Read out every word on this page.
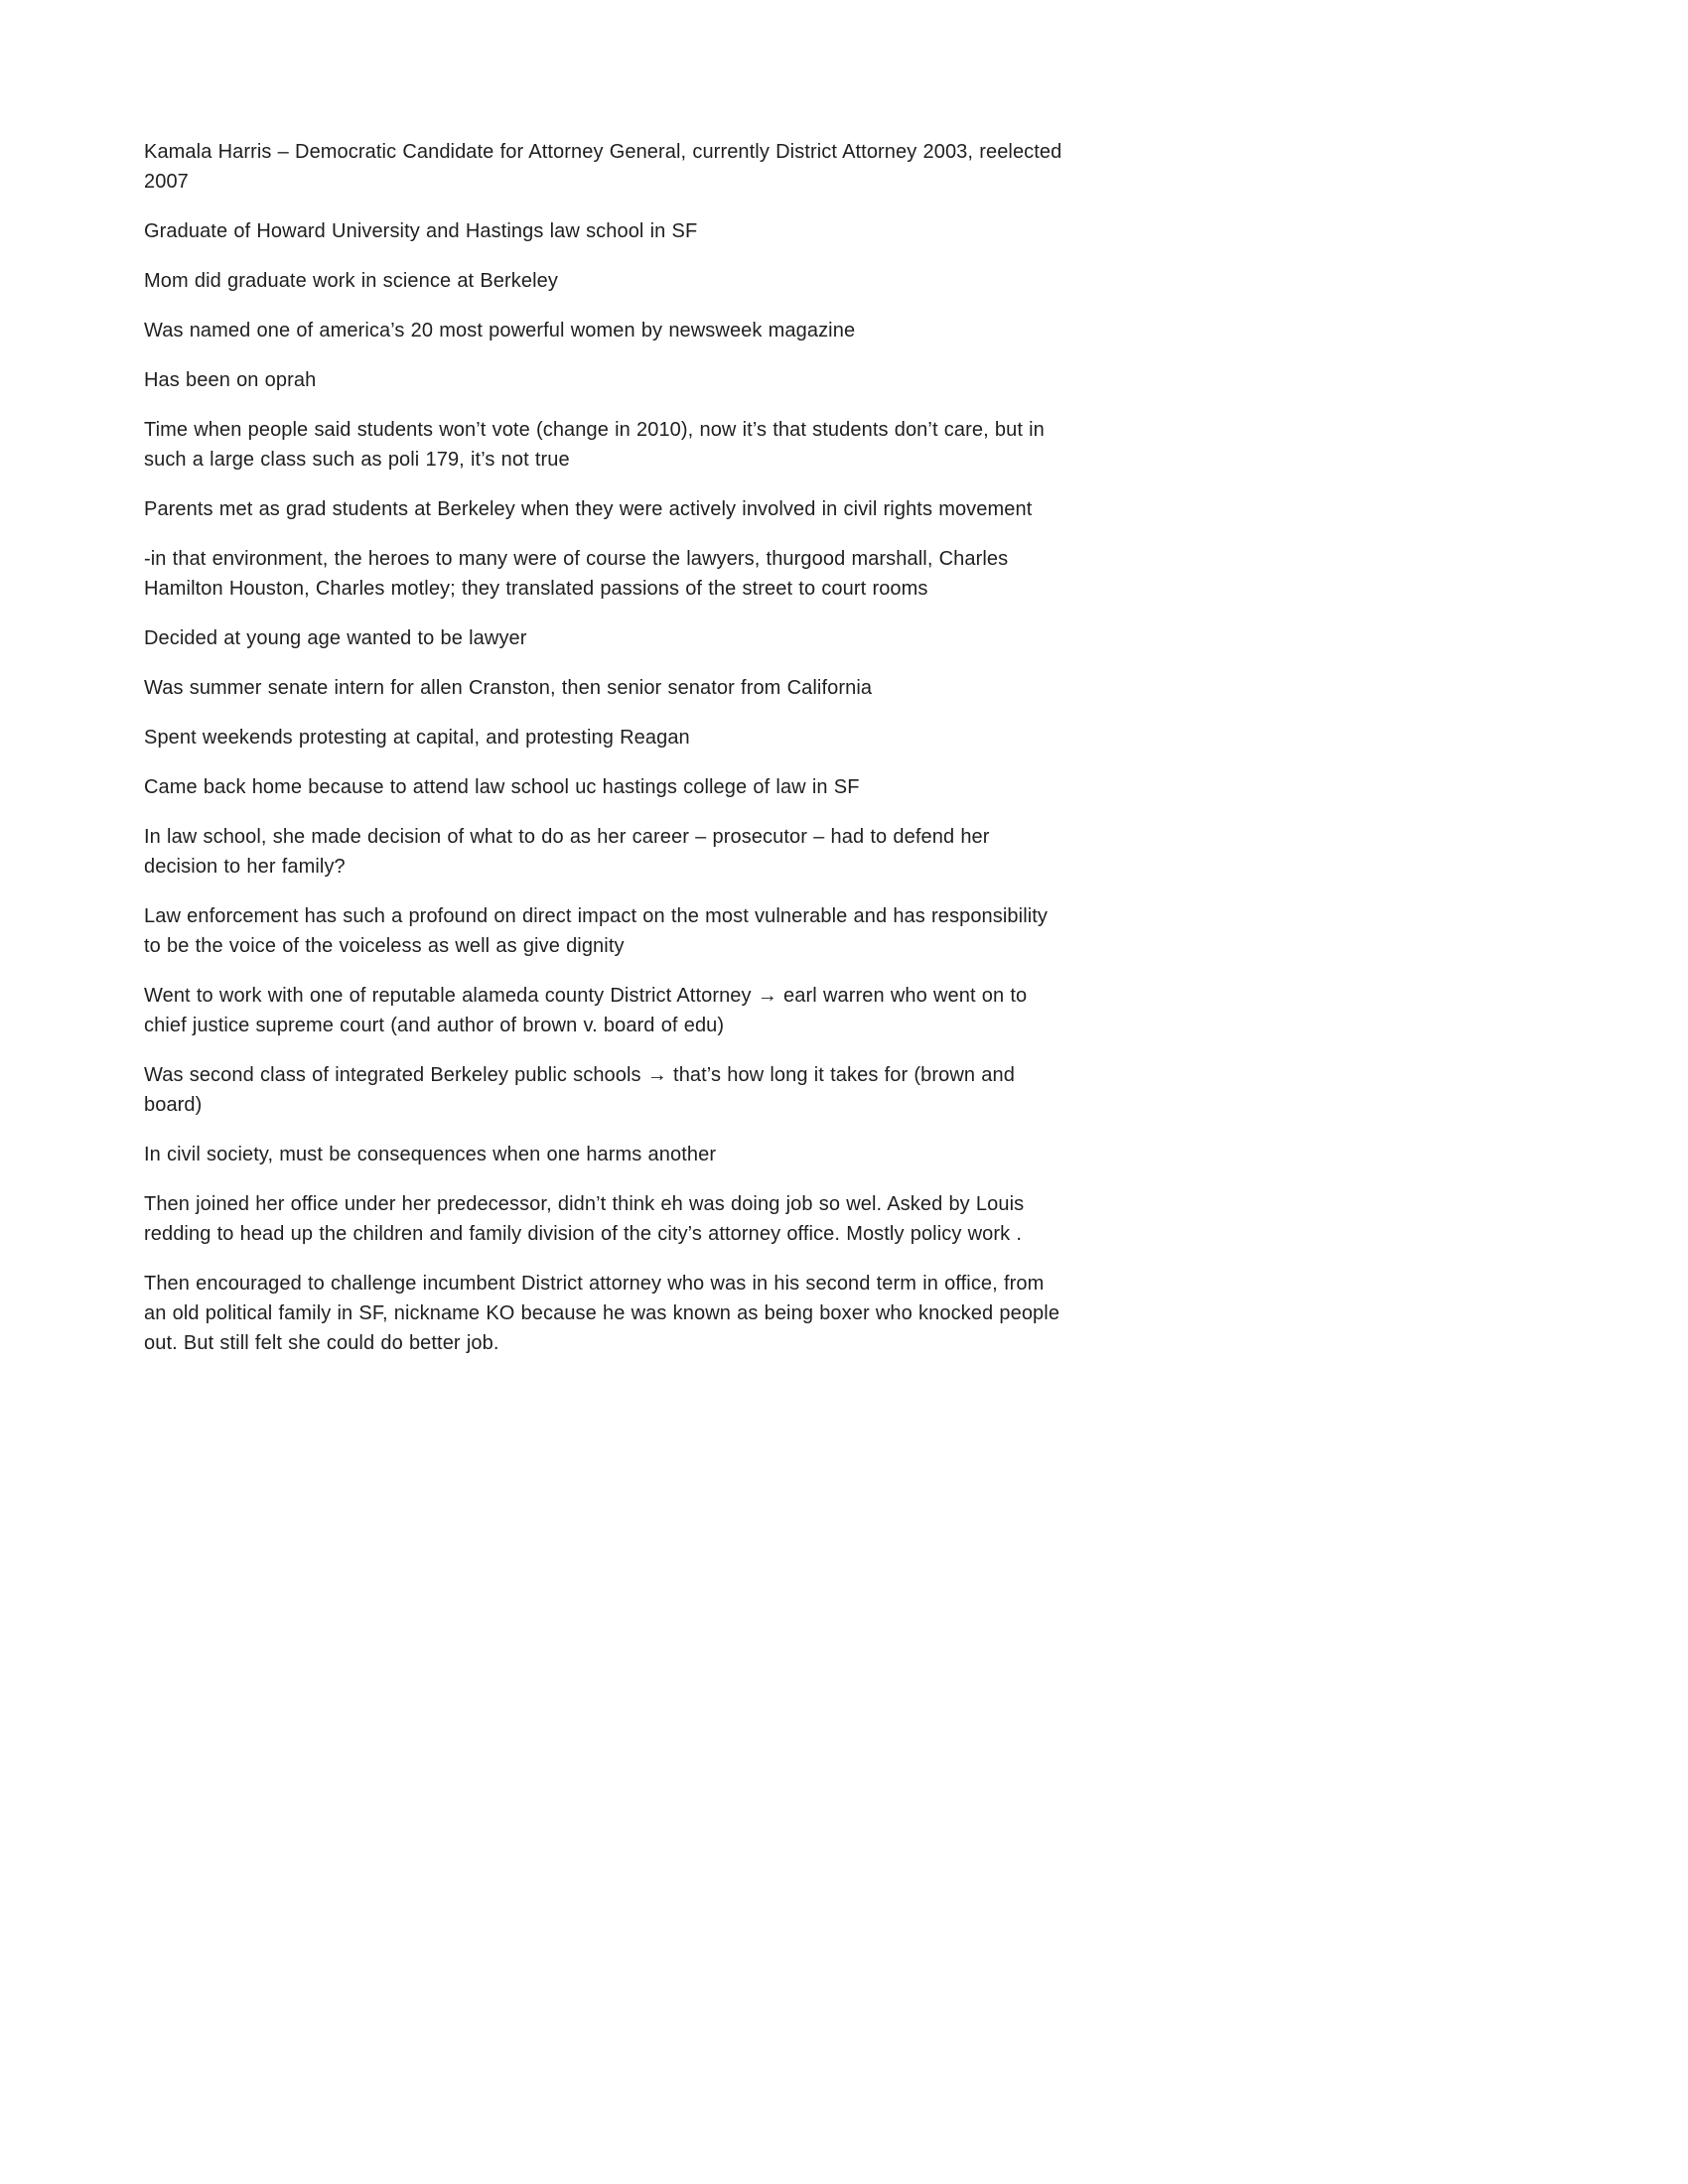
Kamala Harris – Democratic Candidate for Attorney General, currently District Attorney 2003, reelected 2007

Graduate of Howard University and Hastings law school in SF

Mom did graduate work in science at Berkeley

Was named one of america’s 20 most powerful women by newsweek magazine

Has been on oprah

Time when people said students won’t vote (change in 2010), now it’s that students don’t care, but in such a large class such as poli 179, it’s not true

Parents met as grad students at Berkeley when they were actively involved in civil rights movement

-in that environment, the heroes to many were of course the lawyers, thurgood marshall, Charles Hamilton Houston, Charles motley; they translated passions of the street to court rooms

Decided at young age wanted to be lawyer

Was summer senate intern for allen Cranston, then senior senator from California

Spent weekends protesting at capital, and protesting Reagan

Came back home because to attend law school uc hastings college of law in SF

In law school, she made decision of what to do as her career – prosecutor – had to defend her decision to her family?

Law enforcement has such a profound on direct impact on the most vulnerable and has responsibility to be the voice of the voiceless as well as give dignity

Went to work with one of reputable alameda county District Attorney → earl warren who went on to chief justice supreme court (and author of brown v. board of edu)

Was second class of integrated Berkeley public schools → that’s how long it takes for (brown and board)

In civil society, must be consequences when one harms another

Then joined her office under her predecessor, didn’t think eh was doing job so wel. Asked by Louis redding to head up the children and family division of the city’s attorney office. Mostly policy work .

Then encouraged to challenge incumbent District attorney who was in his second term in office, from an old political family in SF, nickname KO because he was known as being boxer who knocked people out. But still felt she could do better job.
